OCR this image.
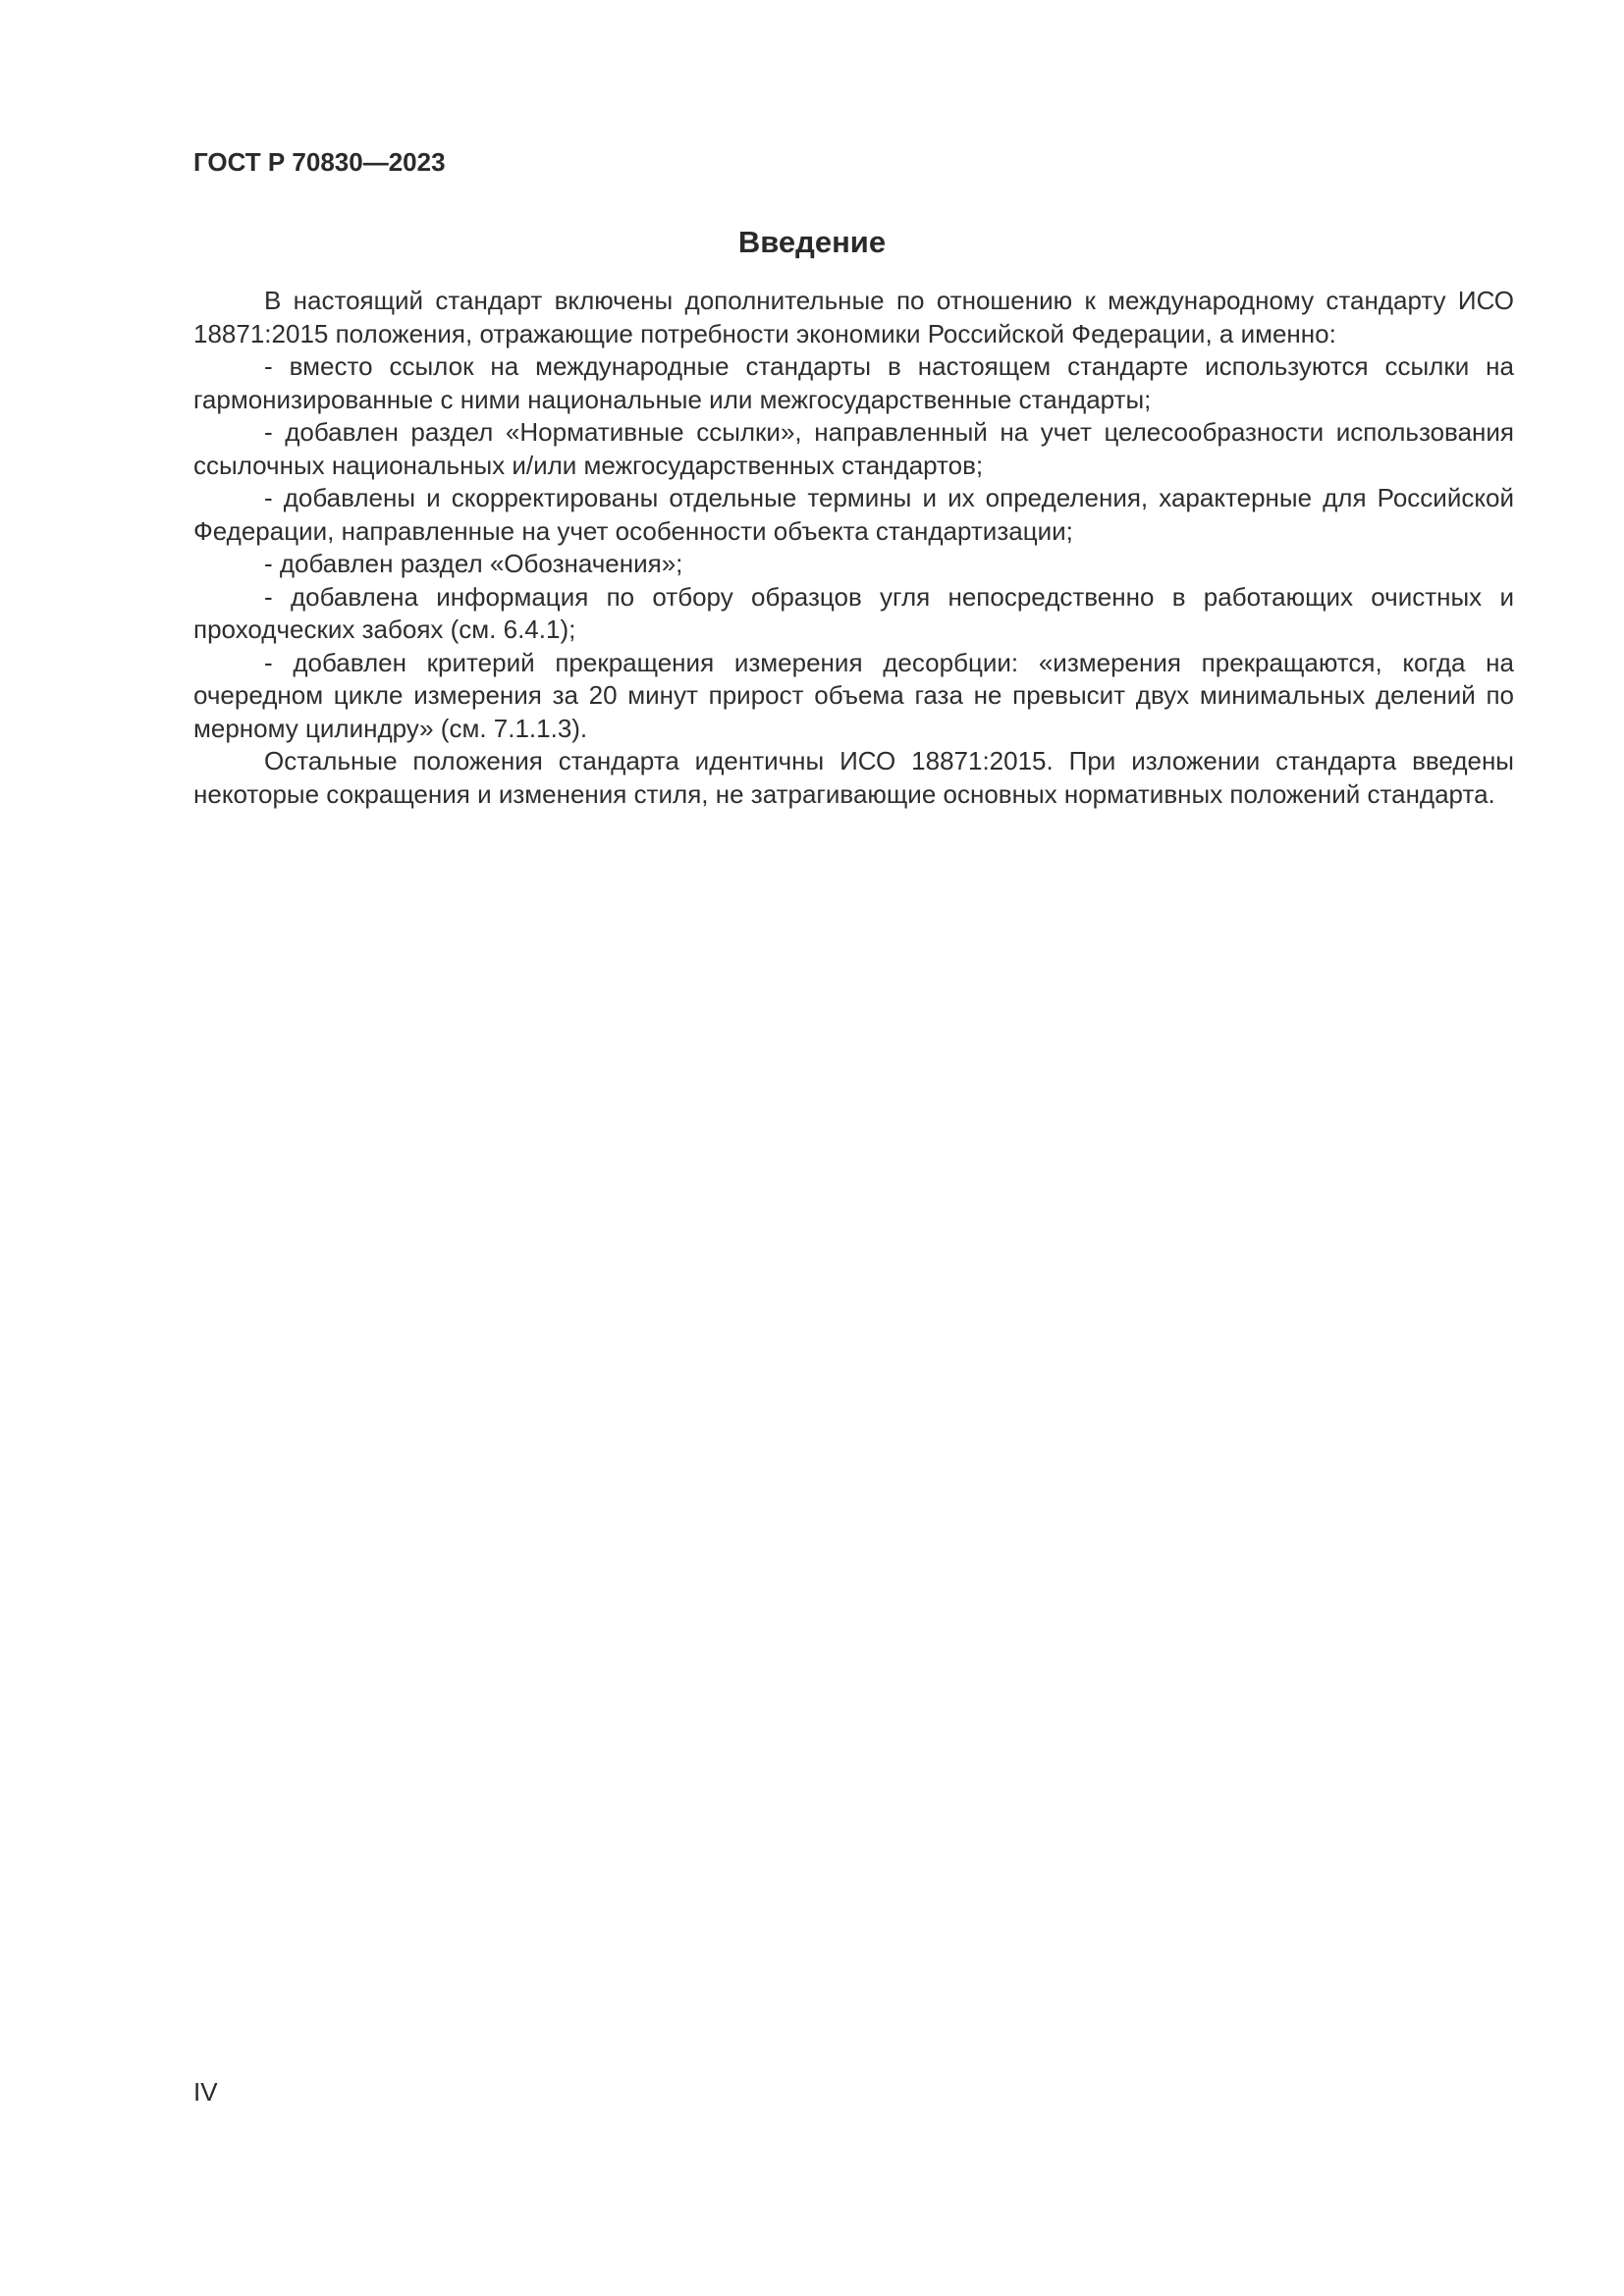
ГОСТ Р 70830—2023
Введение

В настоящий стандарт включены дополнительные по отношению к международному стандарту ИСО 18871:2015 положения, отражающие потребности экономики Российской Федерации, а именно:

- вместо ссылок на международные стандарты в настоящем стандарте используются ссылки на гармонизированные с ними национальные или межгосударственные стандарты;

- добавлен раздел «Нормативные ссылки», направленный на учет целесообразности использования ссылочных национальных и/или межгосударственных стандартов;

- добавлены и скорректированы отдельные термины и их определения, характерные для Российской Федерации, направленные на учет особенности объекта стандартизации;

- добавлен раздел «Обозначения»;

- добавлена информация по отбору образцов угля непосредственно в работающих очистных и проходческих забоях (см. 6.4.1);

- добавлен критерий прекращения измерения десорбции: «измерения прекращаются, когда на очередном цикле измерения за 20 минут прирост объема газа не превысит двух минимальных делений по мерному цилиндру» (см. 7.1.1.3).

Остальные положения стандарта идентичны ИСО 18871:2015. При изложении стандарта введены некоторые сокращения и изменения стиля, не затрагивающие основных нормативных положений стандарта.

IV
